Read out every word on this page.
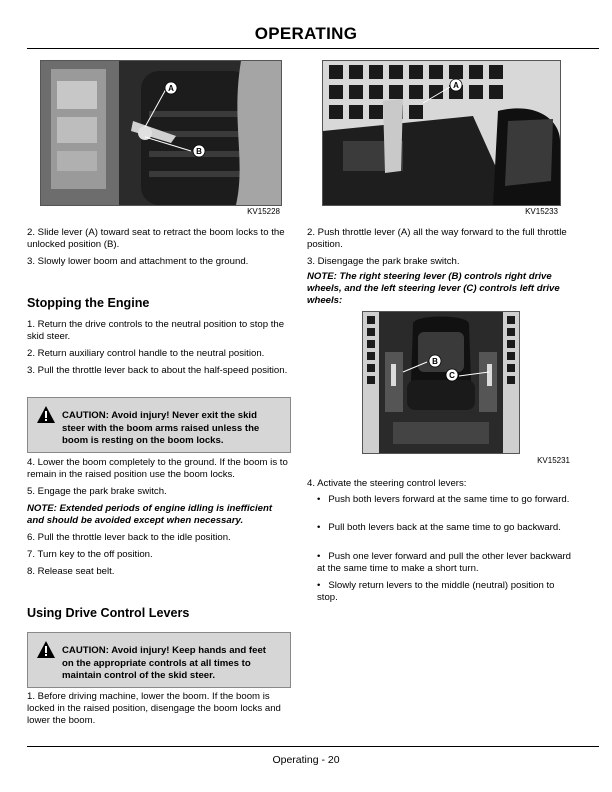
OPERATING
A
B
KV15228
A
KV15233

2. Slide lever (A) toward seat to retract the boom locks to the unlocked position (B).

3. Slowly lower boom and attachment to the ground.

Stopping the Engine

1. Return the drive controls to the neutral position to stop the skid steer.

2. Return auxiliary control handle to the neutral position.

3. Pull the throttle lever back to about the half-speed position.

CAUTION: Avoid injury! Never exit the skid steer with the boom arms raised unless the boom is resting on the boom locks.

4. Lower the boom completely to the ground. If the boom is to remain in the raised position use the boom locks.

5. Engage the park brake switch.

NOTE: Extended periods of engine idling is inefficient and should be avoided except when necessary.

6. Pull the throttle lever back to the idle position.

7. Turn key to the off position.

8. Release seat belt.

Using Drive Control Levers
CAUTION: Avoid injury! Keep hands and feet on the appropriate controls at all times to maintain control of the skid steer.

1. Before driving machine, lower the boom. If the boom is locked in the raised position, disengage the boom locks and lower the boom.

2. Push throttle lever (A) all the way forward to the full throttle position.

3. Disengage the park brake switch.

NOTE: The right steering lever (B) controls right drive wheels, and the left steering lever (C) controls left drive wheels:

B
C
KV15231

4. Activate the steering control levers:

•   Push both levers forward at the same time to go forward.
•   Pull both levers back at the same time to go backward.
•   Push one lever forward and pull the other lever backward at the same time to make a short turn.
•   Slowly return levers to the middle (neutral) position to stop.
Operating - 20
